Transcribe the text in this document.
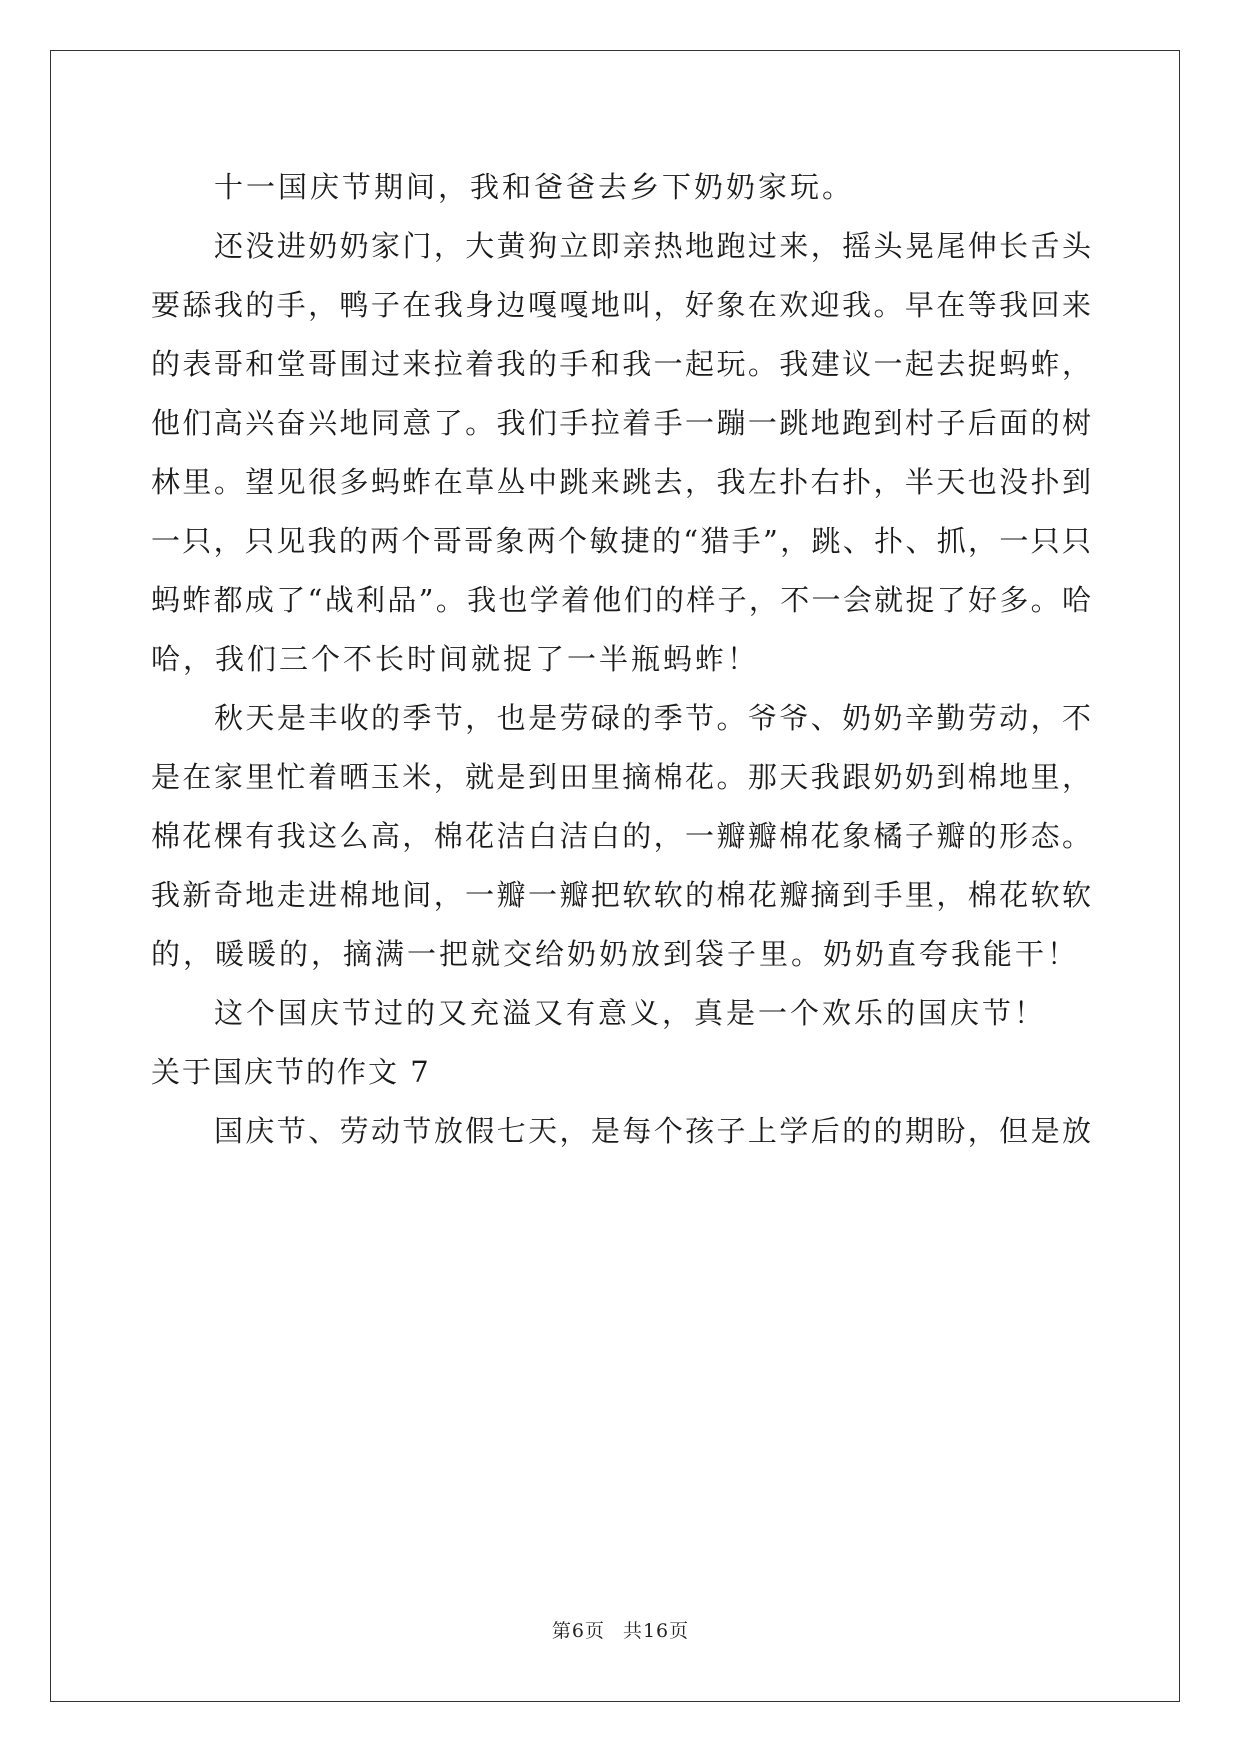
十一国庆节期间，我和爸爸去乡下奶奶家玩。
还没进奶奶家门，大黄狗立即亲热地跑过来，摇头晃尾伸长舌头
要舔我的手，鸭子在我身边嘎嘎地叫，好象在欢迎我。早在等我回来
的表哥和堂哥围过来拉着我的手和我一起玩。我建议一起去捉蚂蚱，
他们高兴奋兴地同意了。我们手拉着手一蹦一跳地跑到村子后面的树
林里。望见很多蚂蚱在草丛中跳来跳去，我左扑右扑，半天也没扑到
一只，只见我的两个哥哥象两个敏捷的“猎手”，跳、扑、抓，一只只
蚂蚱都成了“战利品”。我也学着他们的样子，不一会就捉了好多。哈
哈，我们三个不长时间就捉了一半瓶蚂蚱！
秋天是丰收的季节，也是劳碌的季节。爷爷、奶奶辛勤劳动，不
是在家里忙着晒玉米，就是到田里摘棉花。那天我跟奶奶到棉地里，
棉花棵有我这么高，棉花洁白洁白的，一瓣瓣棉花象橘子瓣的形态。
我新奇地走进棉地间，一瓣一瓣把软软的棉花瓣摘到手里，棉花软软
的，暖暖的，摘满一把就交给奶奶放到袋子里。奶奶直夸我能干！
这个国庆节过的又充溢又有意义，真是一个欢乐的国庆节！
关于国庆节的作文 7
国庆节、劳动节放假七天，是每个孩子上学后的的期盼，但是放
第6页 共16页
